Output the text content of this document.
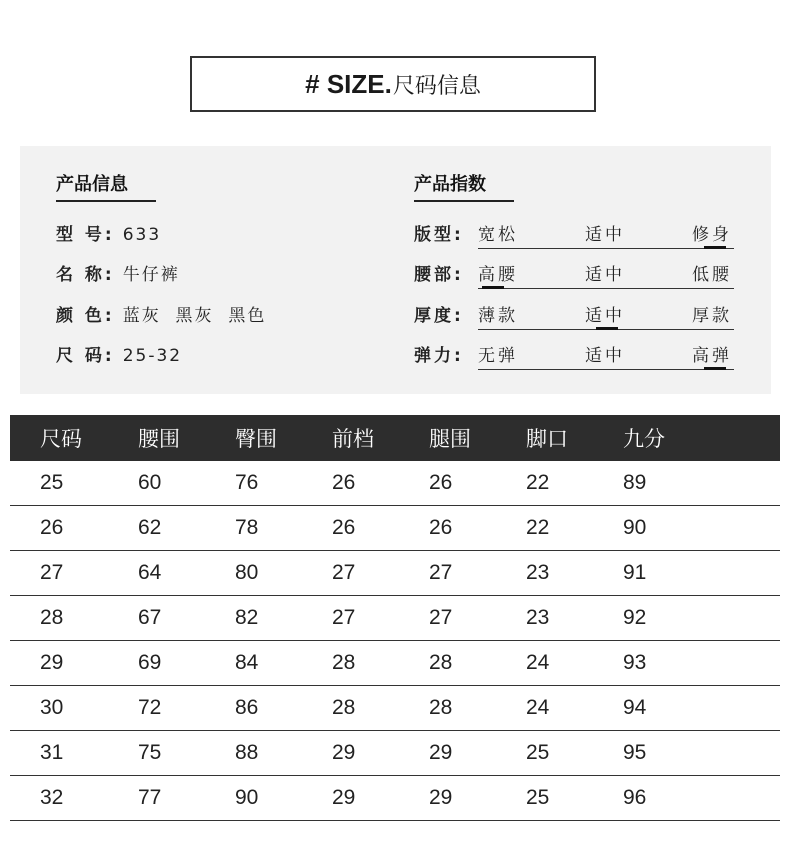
# SIZE. 尺码信息
产品信息	产品指数
型 号: 633
名 称: 牛仔裤
颜 色: 蓝灰  黑灰  黑色
尺 码: 25-32
版型: 宽松	适中	修身
腰部: 高腰	适中	低腰
厚度: 薄款	适中	厚款
弹力: 无弹	适中	高弹
尺码	腰围	臀围	前档	腿围	脚口	九分
25	60	76	26	26	22	89
26	62	78	26	26	22	90
27	64	80	27	27	23	91
28	67	82	27	27	23	92
29	69	84	28	28	24	93
30	72	86	28	28	24	94
31	75	88	29	29	25	95
32	77	90	29	29	25	96
